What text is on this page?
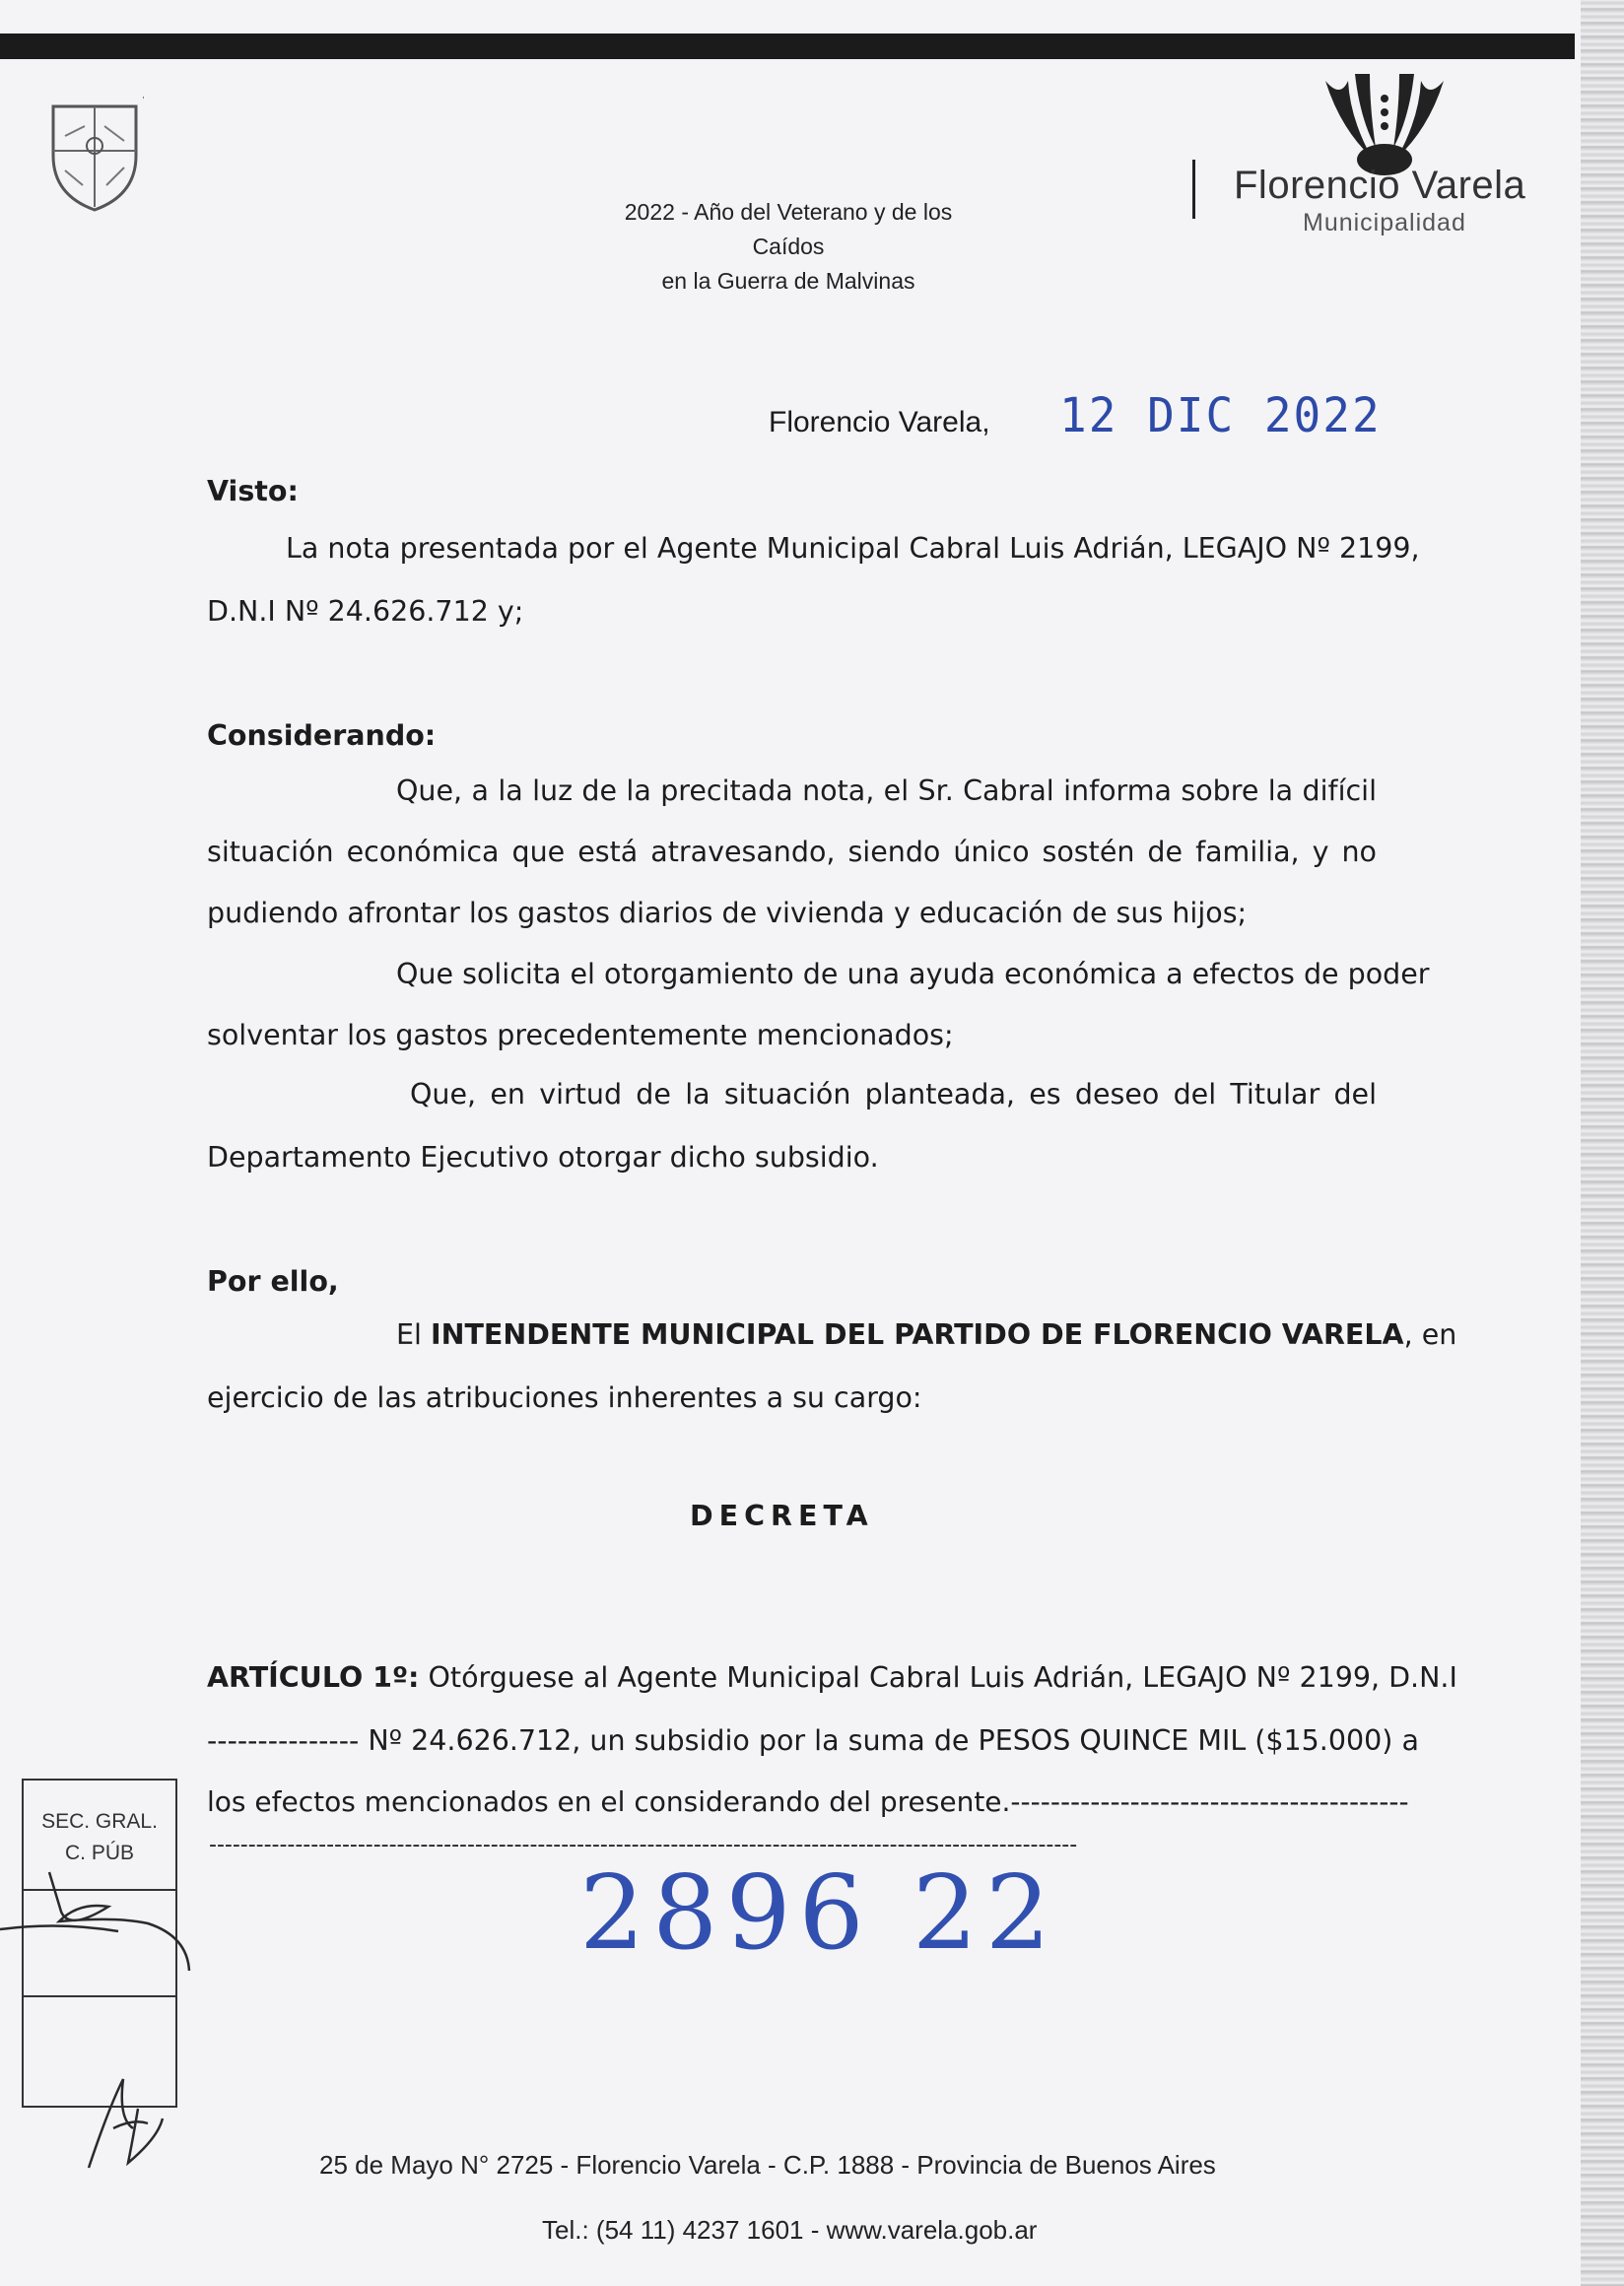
2022 - Año del Veterano y de los Caídos
en la Guerra de Malvinas
Florencio Varela
Municipalidad
Florencio Varela, 12 DIC 2022
Visto:
La nota presentada por el Agente Municipal Cabral Luis Adrián, LEGAJO Nº 2199,
D.N.I Nº 24.626.712 y;
Considerando:
Que, a la luz de la precitada nota, el Sr. Cabral informa sobre la difícil
situación económica que está atravesando, siendo único sostén de familia, y no
pudiendo afrontar los gastos diarios de vivienda y educación de sus hijos;
Que solicita el otorgamiento de una ayuda económica a efectos de poder
solventar los gastos precedentemente mencionados;
Que, en virtud de la situación planteada, es deseo del Titular del
Departamento Ejecutivo otorgar dicho subsidio.
Por ello,
El INTENDENTE MUNICIPAL DEL PARTIDO DE FLORENCIO VARELA, en
ejercicio de las atribuciones inherentes a su cargo:
DECRETA
ARTÍCULO 1º: Otórguese al Agente Municipal Cabral Luis Adrián, LEGAJO Nº 2199, D.N.I
--------------- Nº 24.626.712, un subsidio por la suma de PESOS QUINCE MIL ($15.000) a
los efectos mencionados en el considerando del presente.----------------------------------------
---------------------------------------------------------------------------------------------------------------
2896 22
SEC. GRAL.
C. PÚB
25 de Mayo N° 2725 - Florencio Varela - C.P. 1888 - Provincia de Buenos Aires
Tel.: (54 11) 4237 1601 - www.varela.gob.ar
